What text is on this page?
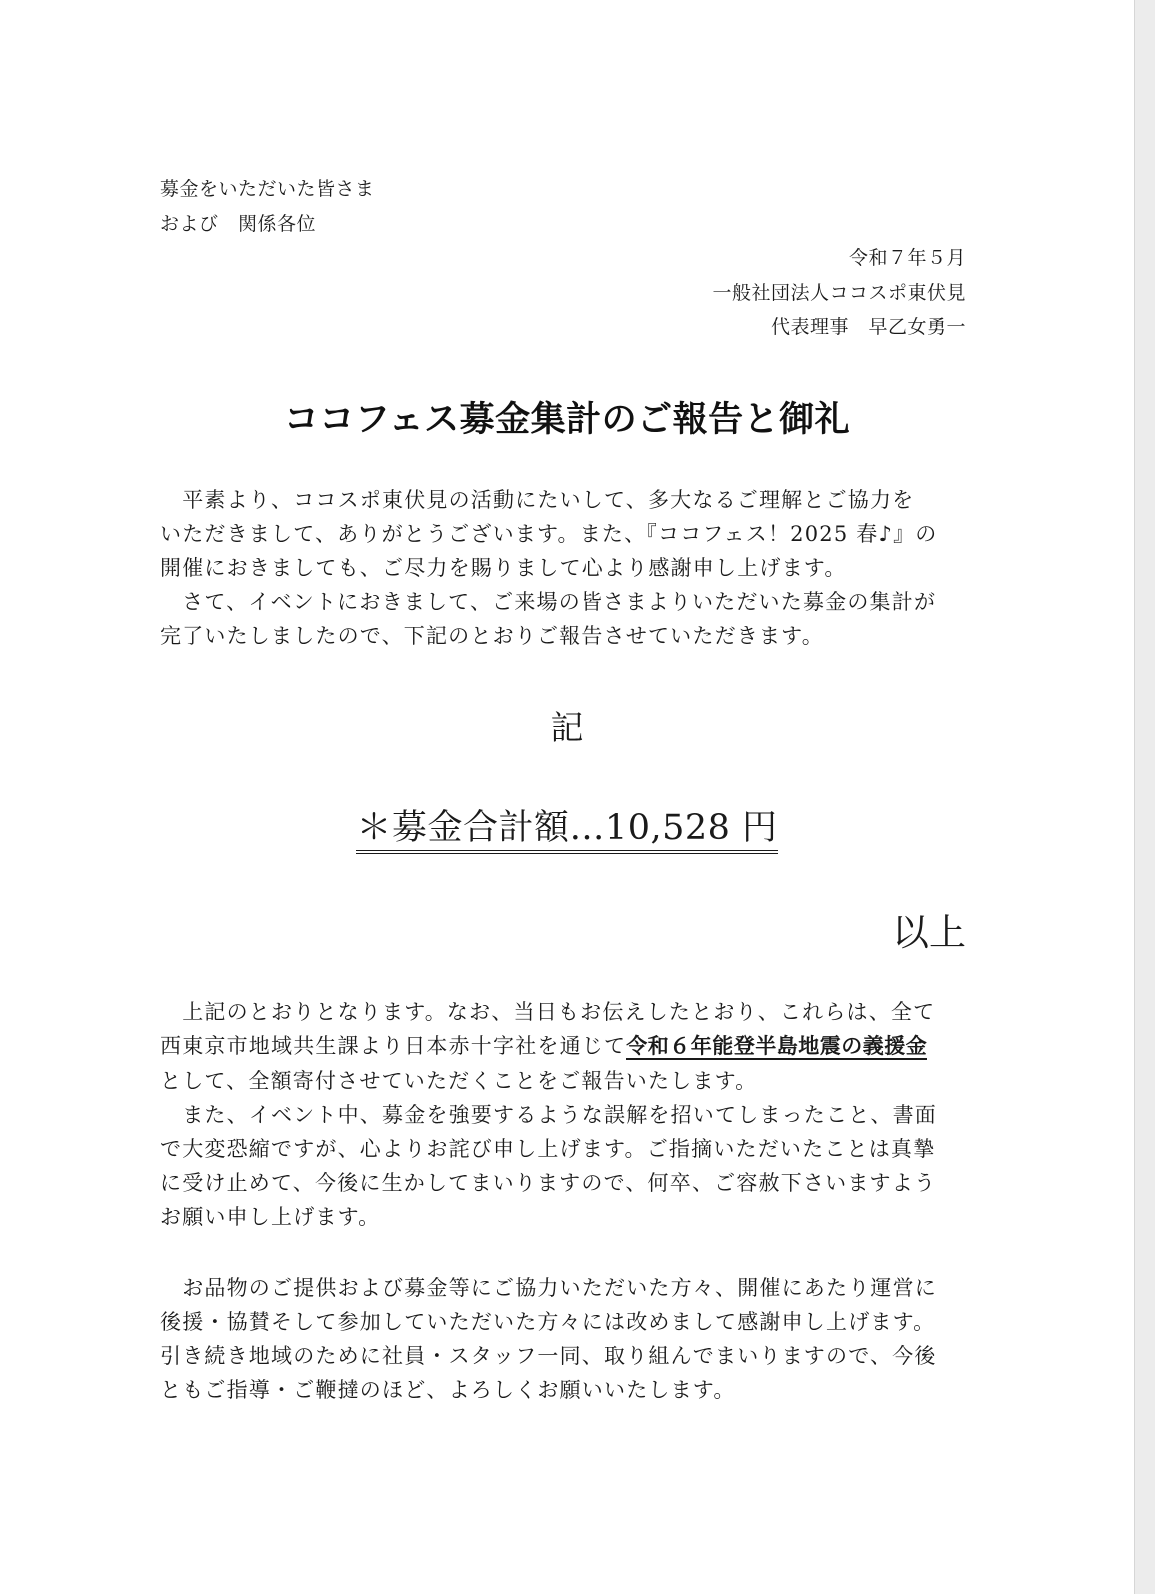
募金をいただいた皆さま

および　関係各位

令和７年５月

一般社団法人ココスポ東伏見

代表理事　早乙女勇一

ココフェス募金集計のご報告と御礼

　平素より、ココスポ東伏見の活動にたいして、多大なるご理解とご協力を

いただきまして、ありがとうございます。また、『ココフェス！2025 春♪』の

開催におきましても、ご尽力を賜りまして心より感謝申し上げます。

　さて、イベントにおきまして、ご来場の皆さまよりいただいた募金の集計が

完了いたしましたので、下記のとおりご報告させていただきます。

記

＊募金合計額…10,528 円

以上

　上記のとおりとなります。なお、当日もお伝えしたとおり、これらは、全て

西東京市地域共生課より日本赤十字社を通じて令和６年能登半島地震の義援金

として、全額寄付させていただくことをご報告いたします。

　また、イベント中、募金を強要するような誤解を招いてしまったこと、書面

で大変恐縮ですが、心よりお詫び申し上げます。ご指摘いただいたことは真摯

に受け止めて、今後に生かしてまいりますので、何卒、ご容赦下さいますよう

お願い申し上げます。

　お品物のご提供および募金等にご協力いただいた方々、開催にあたり運営に

後援・協賛そして参加していただいた方々には改めまして感謝申し上げます。

引き続き地域のために社員・スタッフ一同、取り組んでまいりますので、今後

ともご指導・ご鞭撻のほど、よろしくお願いいたします。
